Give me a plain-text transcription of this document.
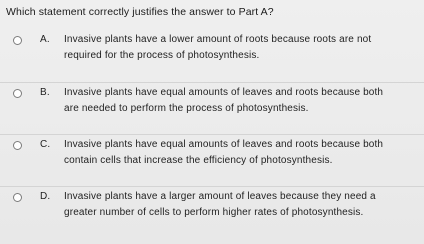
Which statement correctly justifies the answer to Part A?
A. Invasive plants have a lower amount of roots because roots are not
required for the process of photosynthesis.
B. Invasive plants have equal amounts of leaves and roots because both
are needed to perform the process of photosynthesis.
C. Invasive plants have equal amounts of leaves and roots because both
contain cells that increase the efficiency of photosynthesis.
D. Invasive plants have a larger amount of leaves because they need a
greater number of cells to perform higher rates of photosynthesis.
